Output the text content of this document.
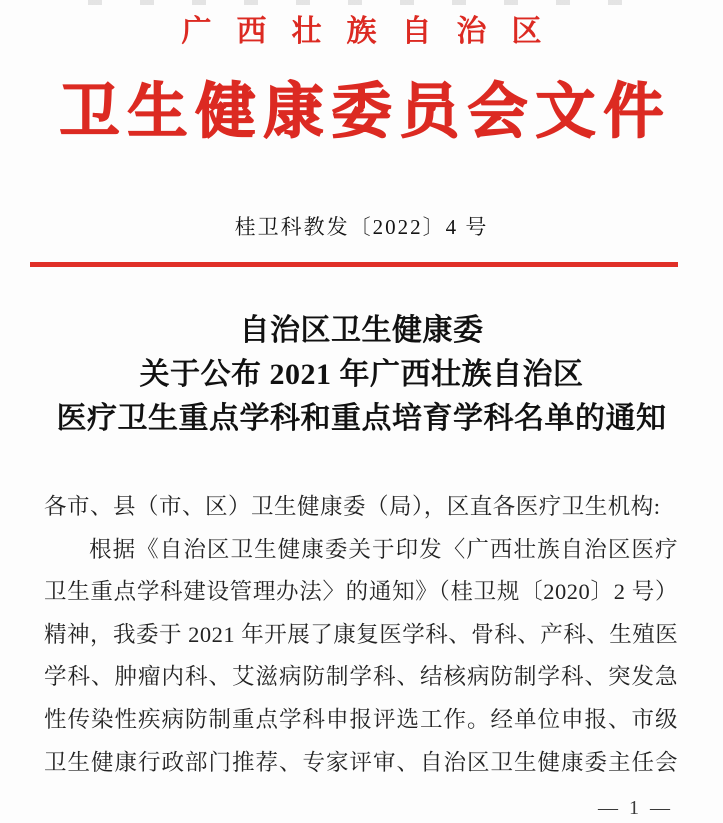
广西壮族自治区
卫生健康委员会文件
桂卫科教发〔2022〕4 号
自治区卫生健康委
关于公布 2021 年广西壮族自治区
医疗卫生重点学科和重点培育学科名单的通知
各市、县（市、区）卫生健康委（局），区直各医疗卫生机构:
根据《自治区卫生健康委关于印发〈广西壮族自治区医疗
卫生重点学科建设管理办法〉的通知》（桂卫规〔2020〕2 号）
精神，我委于 2021 年开展了康复医学科、骨科、产科、生殖医
学科、肿瘤内科、艾滋病防制学科、结核病防制学科、突发急
性传染性疾病防制重点学科申报评选工作。经单位申报、市级
卫生健康行政部门推荐、专家评审、自治区卫生健康委主任会
— 1 —
